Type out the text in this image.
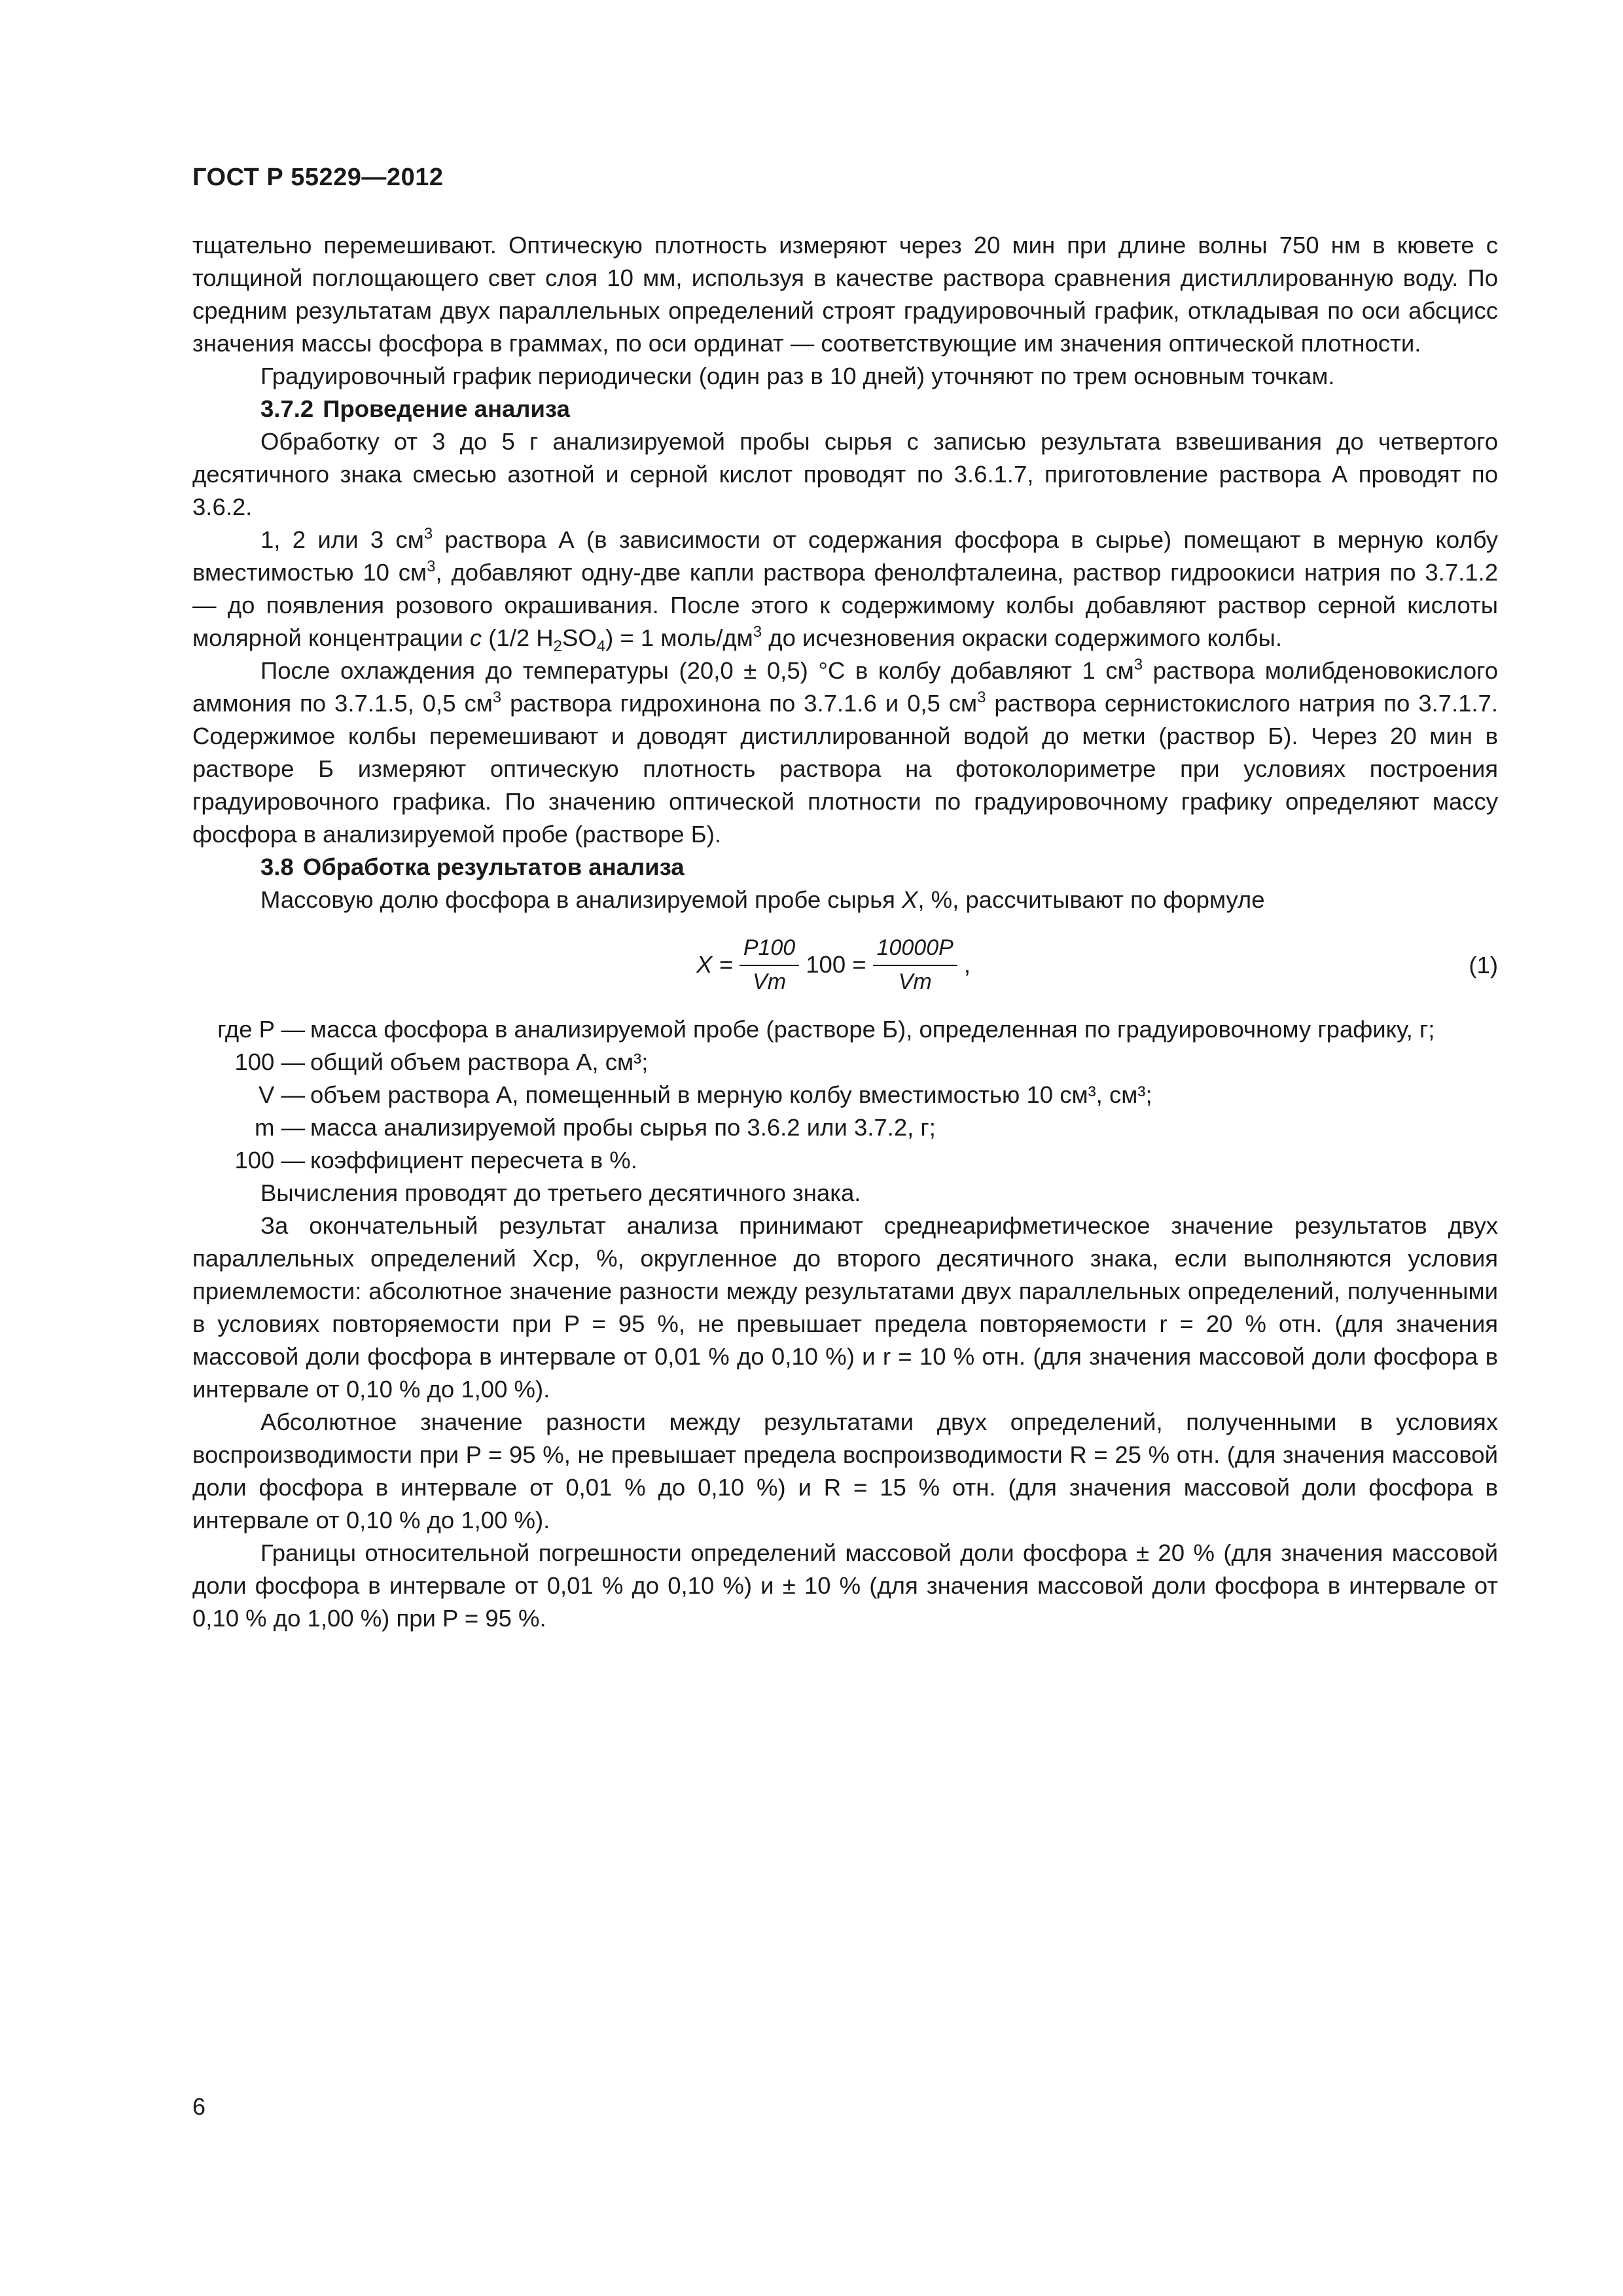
ГОСТ Р 55229—2012

тщательно перемешивают. Оптическую плотность измеряют через 20 мин при длине волны 750 нм в кювете с толщиной поглощающего свет слоя 10 мм, используя в качестве раствора сравнения дистиллированную воду. По средним результатам двух параллельных определений строят градуировочный график, откладывая по оси абсцисс значения массы фосфора в граммах, по оси ординат — соответствующие им значения оптической плотности.

Градуировочный график периодически (один раз в 10 дней) уточняют по трем основным точкам.

3.7.2 Проведение анализа

Обработку от 3 до 5 г анализируемой пробы сырья с записью результата взвешивания до четвертого десятичного знака смесью азотной и серной кислот проводят по 3.6.1.7, приготовление раствора А проводят по 3.6.2.

1, 2 или 3 $см^3$ раствора А (в зависимости от содержания фосфора в сырье) помещают в мерную колбу вместимостью 10 $см^3$, добавляют одну-две капли раствора фенолфталеина, раствор гидроокиси натрия по 3.7.1.2 — до появления розового окрашивания. После этого к содержимому колбы добавляют раствор серной кислоты молярной концентрации c (1/2 $H_2SO_4) = 1$ моль/$дм^3$ до исчезновения окраски содержимого колбы.

После охлаждения до температуры (20,0 ± 0,5) °С в колбу добавляют 1 $см^3$ раствора молибденовокислого аммония по 3.7.1.5, 0,5 $см^3$ раствора гидрохинона по 3.7.1.6 и 0,5 $см^3$ раствора сернистокислого натрия по 3.7.1.7. Содержимое колбы перемешивают и доводят дистиллированной водой до метки (раствор Б). Через 20 мин в растворе Б измеряют оптическую плотность раствора на фотоколориметре при условиях построения градуировочного графика. По значению оптической плотности по градуировочному графику определяют массу фосфора в анализируемой пробе (растворе Б).

3.8 Обработка результатов анализа

Массовую долю фосфора в анализируемой пробе сырья X, %, рассчитывают по формуле

$X = \frac{P100}{Vm} 100 = \frac{10000P}{Vm}$ ,	(1)
где P — масса фосфора в анализируемой пробе (растворе Б), определенная по градуировочному графику, г;
100 — общий объем раствора А, см³;
V — объем раствора А, помещенный в мерную колбу вместимостью 10 см³, см³;
m — масса анализируемой пробы сырья по 3.6.2 или 3.7.2, г;
100 — коэффициент пересчета в %.

Вычисления проводят до третьего десятичного знака.

За окончательный результат анализа принимают среднеарифметическое значение результатов двух параллельных определений Xср, %, округленное до второго десятичного знака, если выполняются условия приемлемости: абсолютное значение разности между результатами двух параллельных определений, полученными в условиях повторяемости при P = 95 %, не превышает предела повторяемости r = 20 % отн. (для значения массовой доли фосфора в интервале от 0,01 % до 0,10 %) и r = 10 % отн. (для значения массовой доли фосфора в интервале от 0,10 % до 1,00 %).

Абсолютное значение разности между результатами двух определений, полученными в условиях воспроизводимости при P = 95 %, не превышает предела воспроизводимости R = 25 % отн. (для значения массовой доли фосфора в интервале от 0,01 % до 0,10 %) и R = 15 % отн. (для значения массовой доли фосфора в интервале от 0,10 % до 1,00 %).

Границы относительной погрешности определений массовой доли фосфора ± 20 % (для значения массовой доли фосфора в интервале от 0,01 % до 0,10 %) и ± 10 % (для значения массовой доли фосфора в интервале от 0,10 % до 1,00 %) при P = 95 %.

6
